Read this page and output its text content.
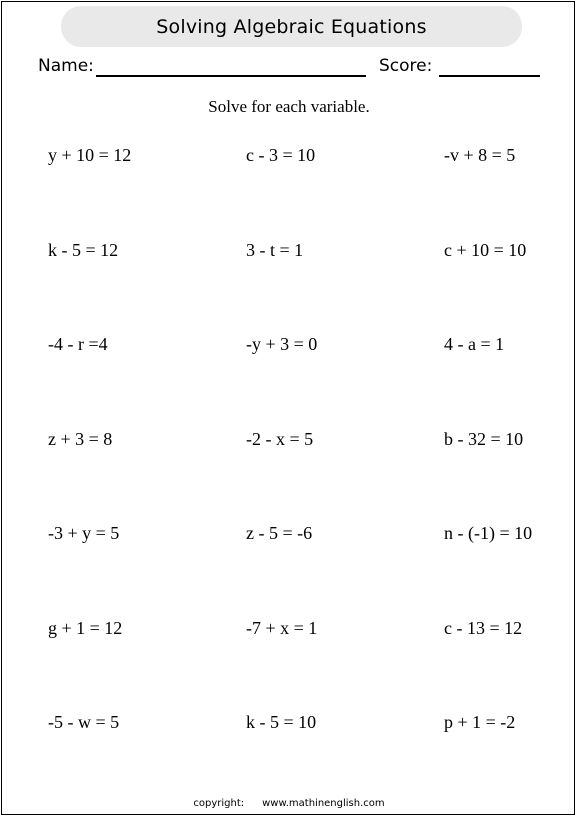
Solving Algebraic Equations
Name:	Score:
Solve for each variable.
y + 10 = 12	c - 3 = 10	-v + 8 = 5
k - 5 = 12	3 - t = 1	c + 10 = 10
-4 - r =4	-y + 3 = 0	4 - a = 1
z + 3 = 8	-2 - x = 5	b - 32 = 10
-3 + y = 5	z - 5 = -6	n - (-1) = 10
g + 1 = 12	-7 + x = 1	c - 13 = 12
-5 - w = 5	k - 5 = 10	p + 1 = -2
copyright: www.mathinenglish.com
